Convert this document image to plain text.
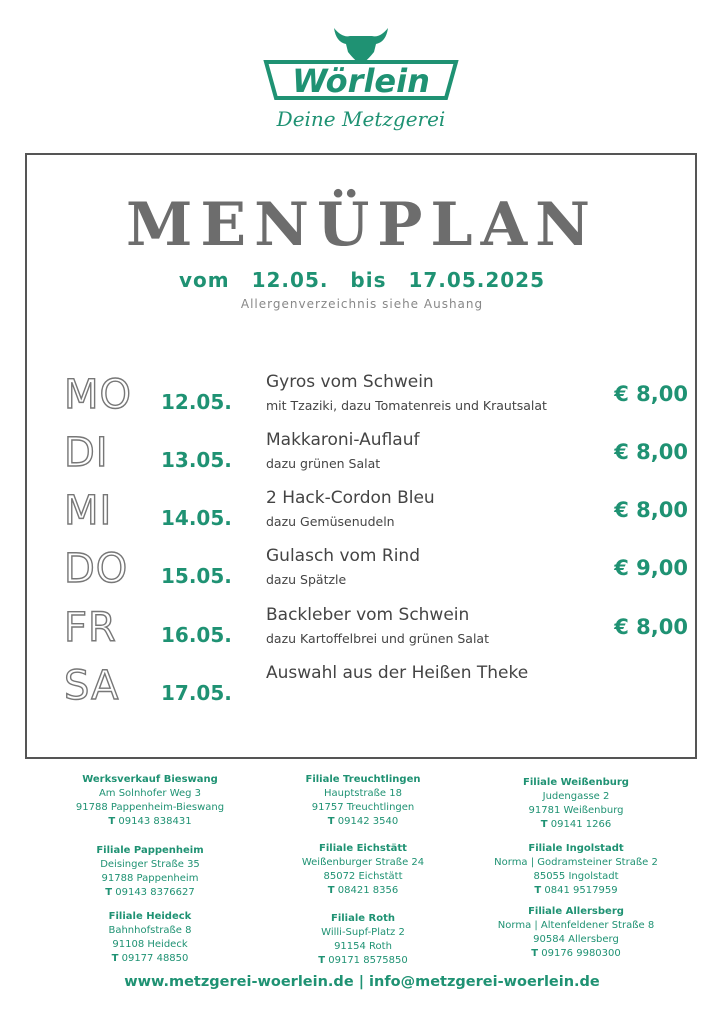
Wörlein
Deine Metzgerei
MENÜPLAN
vom 12.05. bis 17.05.2025
Allergenverzeichnis siehe Aushang
MO 12.05.
Gyros vom Schwein
mit Tzaziki, dazu Tomatenreis und Krautsalat	€ 8,00
DI	13.05.
Makkaroni-Auflauf
dazu grünen Salat	€ 8,00
MI 14.05.
2 Hack-Cordon Bleu
dazu Gemüsenudeln	€ 8,00
DO 15.05.
Gulasch vom Rind
dazu Spätzle	€ 9,00
FR 16.05.
Backleber vom Schwein
dazu Kartoffelbrei und grünen Salat	€ 8,00
SA 17.05.
Auswahl aus der Heißen Theke
Werksverkauf Bieswang
Am Solnhofer Weg 3
91788 Pappenheim-Bieswang
T 09143 838431
Filiale Treuchtlingen
Hauptstraße 18
91757 Treuchtlingen
T 09142 3540
Filiale Weißenburg
Judengasse 2
91781 Weißenburg
T 09141 1266
Filiale Pappenheim
Deisinger Straße 35
91788 Pappenheim
T 09143 8376627
Filiale Eichstätt
Weißenburger Straße 24
85072 Eichstätt
T 08421 8356
Filiale Ingolstadt
Norma | Godramsteiner Straße 2
85055 Ingolstadt
T 0841 9517959
Filiale Heideck
Bahnhofstraße 8
91108 Heideck
T 09177 48850
Filiale Roth
Willi-Supf-Platz 2
91154 Roth
T 09171 8575850
Filiale Allersberg
Norma | Altenfeldener Straße 8
90584 Allersberg
T 09176 9980300
www.metzgerei-woerlein.de | info@metzgerei-woerlein.de
